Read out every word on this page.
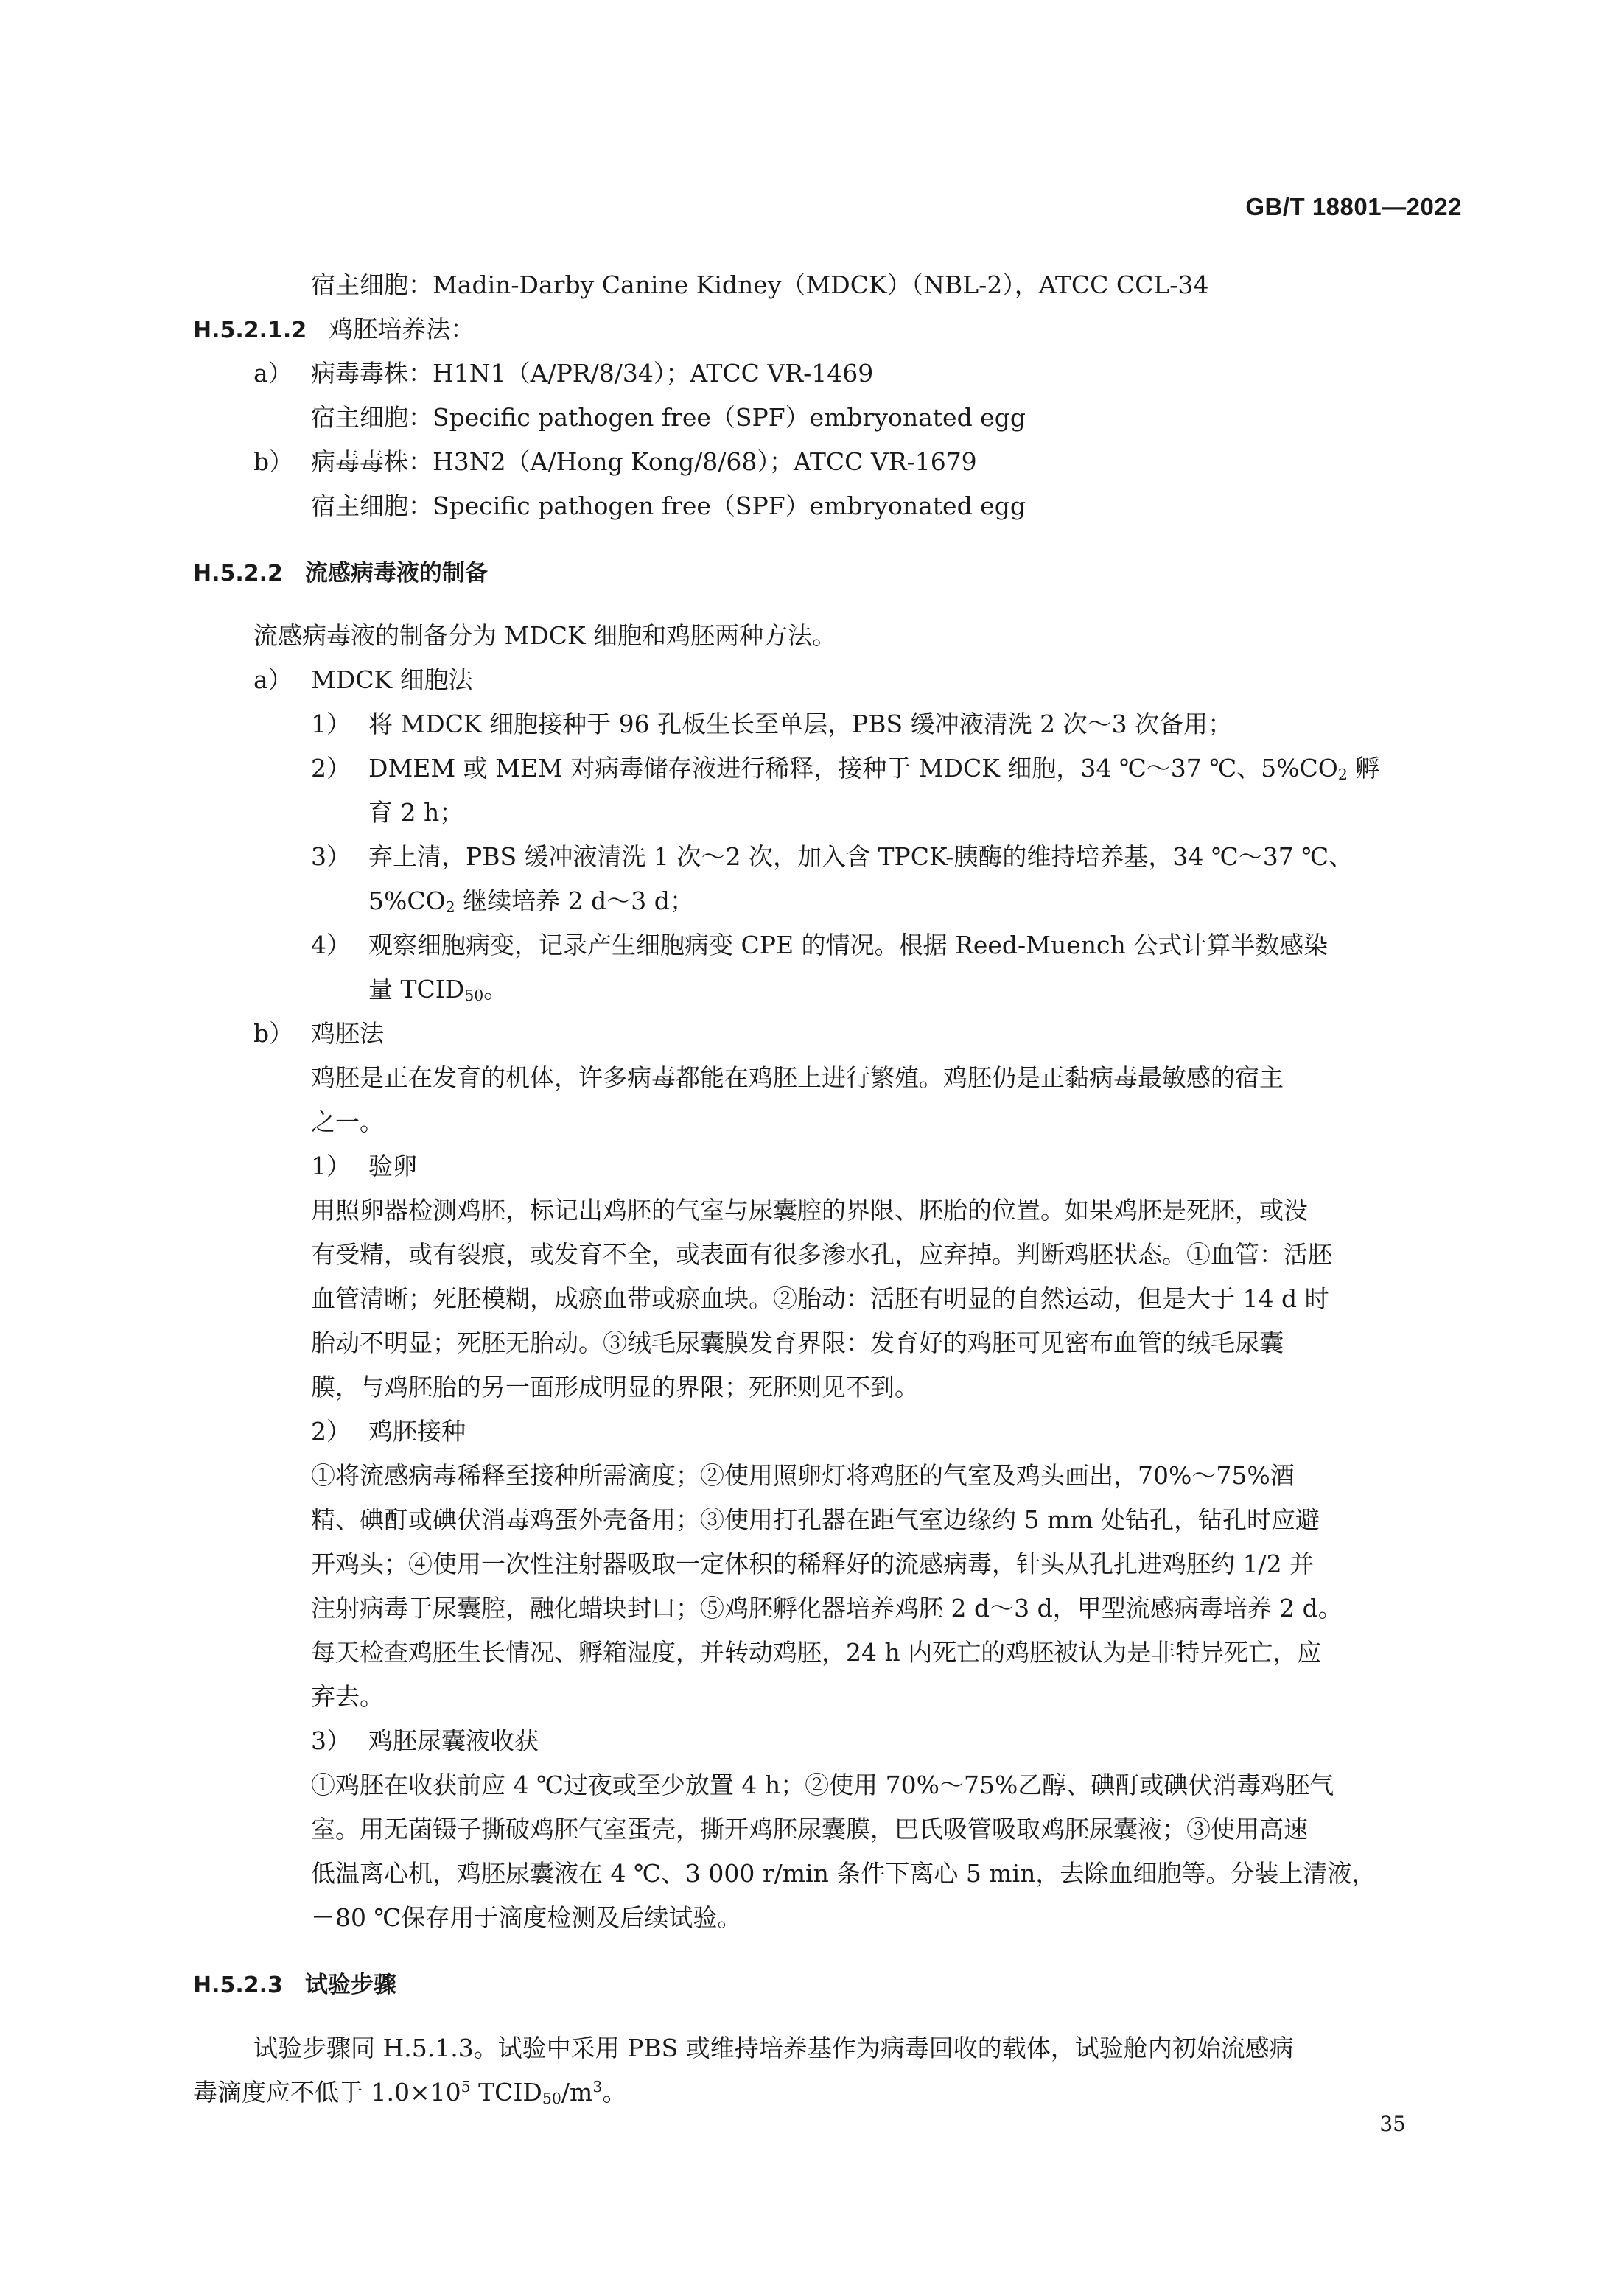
GB/T 18801—2022
宿主细胞：Madin-Darby Canine Kidney（MDCK）（NBL-2），ATCC CCL-34
H.5.2.1.2 鸡胚培养法：
a） 病毒毒株：H1N1（A/PR/8/34）；ATCC VR-1469
宿主细胞：Specific pathogen free（SPF）embryonated egg
b） 病毒毒株：H3N2（A/Hong Kong/8/68）；ATCC VR-1679
宿主细胞：Specific pathogen free（SPF）embryonated egg
H.5.2.2 流感病毒液的制备
流感病毒液的制备分为 MDCK 细胞和鸡胚两种方法。
a） MDCK 细胞法
1） 将 MDCK 细胞接种于 96 孔板生长至单层，PBS 缓冲液清洗 2 次～3 次备用；
2） DMEM 或 MEM 对病毒储存液进行稀释，接种于 MDCK 细胞，34 ℃～37 ℃、$5\%CO_2$ 孵
育 2 h；
3） 弃上清，PBS 缓冲液清洗 1 次～2 次，加入含 TPCK-胰酶的维持培养基，34 ℃～37 ℃、
$5\%CO_2$ 继续培养 2 d～3 d；
4） 观察细胞病变，记录产生细胞病变 CPE 的情况。根据 Reed-Muench 公式计算半数感染
量 $TCID_{50}$。
b） 鸡胚法
鸡胚是正在发育的机体，许多病毒都能在鸡胚上进行繁殖。鸡胚仍是正黏病毒最敏感的宿主
之一。
1） 验卵
用照卵器检测鸡胚，标记出鸡胚的气室与尿囊腔的界限、胚胎的位置。如果鸡胚是死胚，或没
有受精，或有裂痕，或发育不全，或表面有很多渗水孔，应弃掉。判断鸡胚状态。①血管：活胚
血管清晰；死胚模糊，成瘀血带或瘀血块。②胎动：活胚有明显的自然运动，但是大于 14 d 时
胎动不明显；死胚无胎动。③绒毛尿囊膜发育界限：发育好的鸡胚可见密布血管的绒毛尿囊
膜，与鸡胚胎的另一面形成明显的界限；死胚则见不到。
2） 鸡胚接种
①将流感病毒稀释至接种所需滴度；②使用照卵灯将鸡胚的气室及鸡头画出，70%～75%酒
精、碘酊或碘伏消毒鸡蛋外壳备用；③使用打孔器在距气室边缘约 5 mm 处钻孔，钻孔时应避
开鸡头；④使用一次性注射器吸取一定体积的稀释好的流感病毒，针头从孔扎进鸡胚约 1/2 并
注射病毒于尿囊腔，融化蜡块封口；⑤鸡胚孵化器培养鸡胚 2 d～3 d，甲型流感病毒培养 2 d。
每天检查鸡胚生长情况、孵箱湿度，并转动鸡胚，24 h 内死亡的鸡胚被认为是非特异死亡，应
弃去。
3） 鸡胚尿囊液收获
①鸡胚在收获前应 4 ℃过夜或至少放置 4 h；②使用 70%～75%乙醇、碘酊或碘伏消毒鸡胚气
室。用无菌镊子撕破鸡胚气室蛋壳，撕开鸡胚尿囊膜，巴氏吸管吸取鸡胚尿囊液；③使用高速
低温离心机，鸡胚尿囊液在 4 ℃、3 000 r/min 条件下离心 5 min，去除血细胞等。分装上清液，
－80 ℃保存用于滴度检测及后续试验。
H.5.2.3 试验步骤
试验步骤同 H.5.1.3。试验中采用 PBS 或维持培养基作为病毒回收的载体，试验舱内初始流感病
毒滴度应不低于 $1.0\times 10^5$ $TCID_{50}/m^3$。
35
